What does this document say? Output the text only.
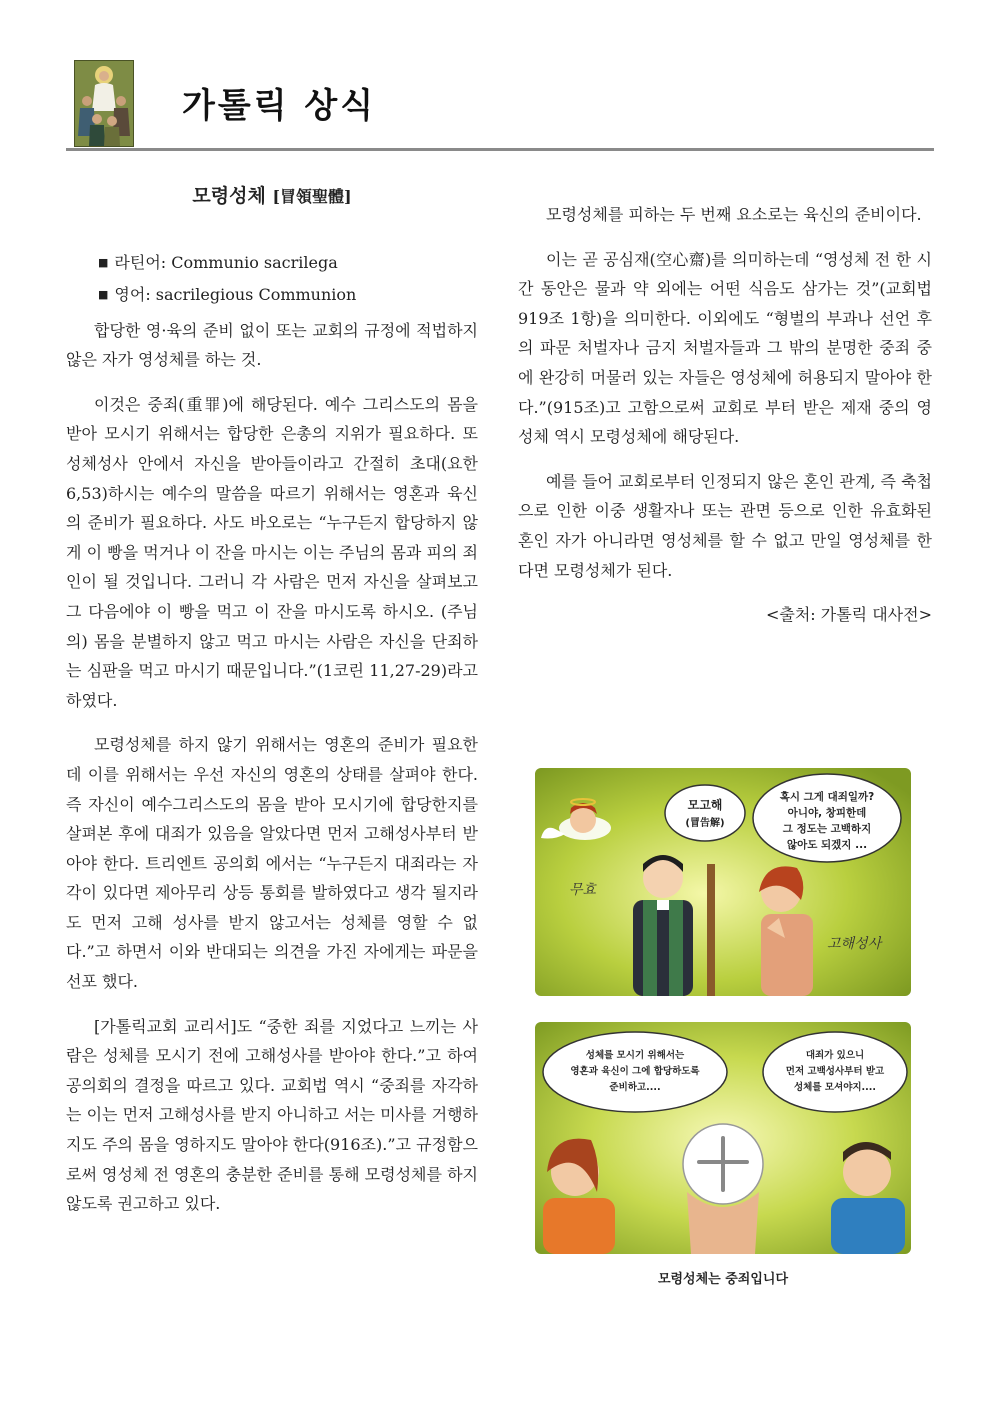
가톨릭 상식
모령성체 [冒領聖體]
■ 라틴어: Communio sacrilega
■ 영어: sacrilegious Communion

합당한 영·육의 준비 없이 또는 교회의 규정에 적법하지 않은 자가 영성체를 하는 것.

이것은 중죄(重罪)에 해당된다. 예수 그리스도의 몸을 받아 모시기 위해서는 합당한 은총의 지위가 필요하다. 또 성체성사 안에서 자신을 받아들이라고 간절히 초대(요한 6,53)하시는 예수의 말씀을 따르기 위해서는 영혼과 육신의 준비가 필요하다. 사도 바오로는 “누구든지 합당하지 않게 이 빵을 먹거나 이 잔을 마시는 이는 주님의 몸과 피의 죄인이 될 것입니다. 그러니 각 사람은 먼저 자신을 살펴보고 그 다음에야 이 빵을 먹고 이 잔을 마시도록 하시오. (주님의) 몸을 분별하지 않고 먹고 마시는 사람은 자신을 단죄하는 심판을 먹고 마시기 때문입니다.”(1코린 11,27-29)라고 하였다.

모령성체를 하지 않기 위해서는 영혼의 준비가 필요한데 이를 위해서는 우선 자신의 영혼의 상태를 살펴야 한다. 즉 자신이 예수그리스도의 몸을 받아 모시기에 합당한지를 살펴본 후에 대죄가 있음을 알았다면 먼저 고해성사부터 받아야 한다. 트리엔트 공의회 에서는 “누구든지 대죄라는 자각이 있다면 제아무리 상등 통회를 발하였다고 생각 될지라도 먼저 고해 성사를 받지 않고서는 성체를 영할 수 없다.”고 하면서 이와 반대되는 의견을 가진 자에게는 파문을 선포 했다.

[가톨릭교회 교리서]도 “중한 죄를 지었다고 느끼는 사람은 성체를 모시기 전에 고해성사를 받아야 한다.”고 하여 공의회의 결정을 따르고 있다. 교회법 역시 “중죄를 자각하는 이는 먼저 고해성사를 받지 아니하고 서는 미사를 거행하지도 주의 몸을 영하지도 말아야 한다(916조).”고 규정함으로써 영성체 전 영혼의 충분한 준비를 통해 모령성체를 하지 않도록 권고하고 있다.

모령성체를 피하는 두 번째 요소로는 육신의 준비이다.

이는 곧 공심재(空心齋)를 의미하는데 “영성체 전 한 시간 동안은 물과 약 외에는 어떤 식음도 삼가는 것”(교회법 919조 1항)을 의미한다. 이외에도 “형벌의 부과나 선언 후의 파문 처벌자나 금지 처벌자들과 그 밖의 분명한 중죄 중에 완강히 머물러 있는 자들은 영성체에 허용되지 말아야 한다.”(915조)고 고함으로써 교회로 부터 받은 제재 중의 영성체 역시 모령성체에 해당된다.

예를 들어 교회로부터 인정되지 않은 혼인 관계, 즉 축첩으로 인한 이중 생활자나 또는 관면 등으로 인한 유효화된 혼인 자가 아니라면 영성체를 할 수 없고 만일 영성체를 한다면 모령성체가 된다.

<출처: 가톨릭 대사전>

모고해
(冒告解)
혹시 그게 대죄일까?
아니야, 창피한데
그 정도는 고백하지
않아도 되겠지 ...
무효
고해성사
성체를 모시기 위해서는
영혼과 육신이 그에 합당하도록
준비하고....
대죄가 있으니
먼저 고백성사부터 받고
성체를 모셔야지....
모령성체는 중죄입니다
